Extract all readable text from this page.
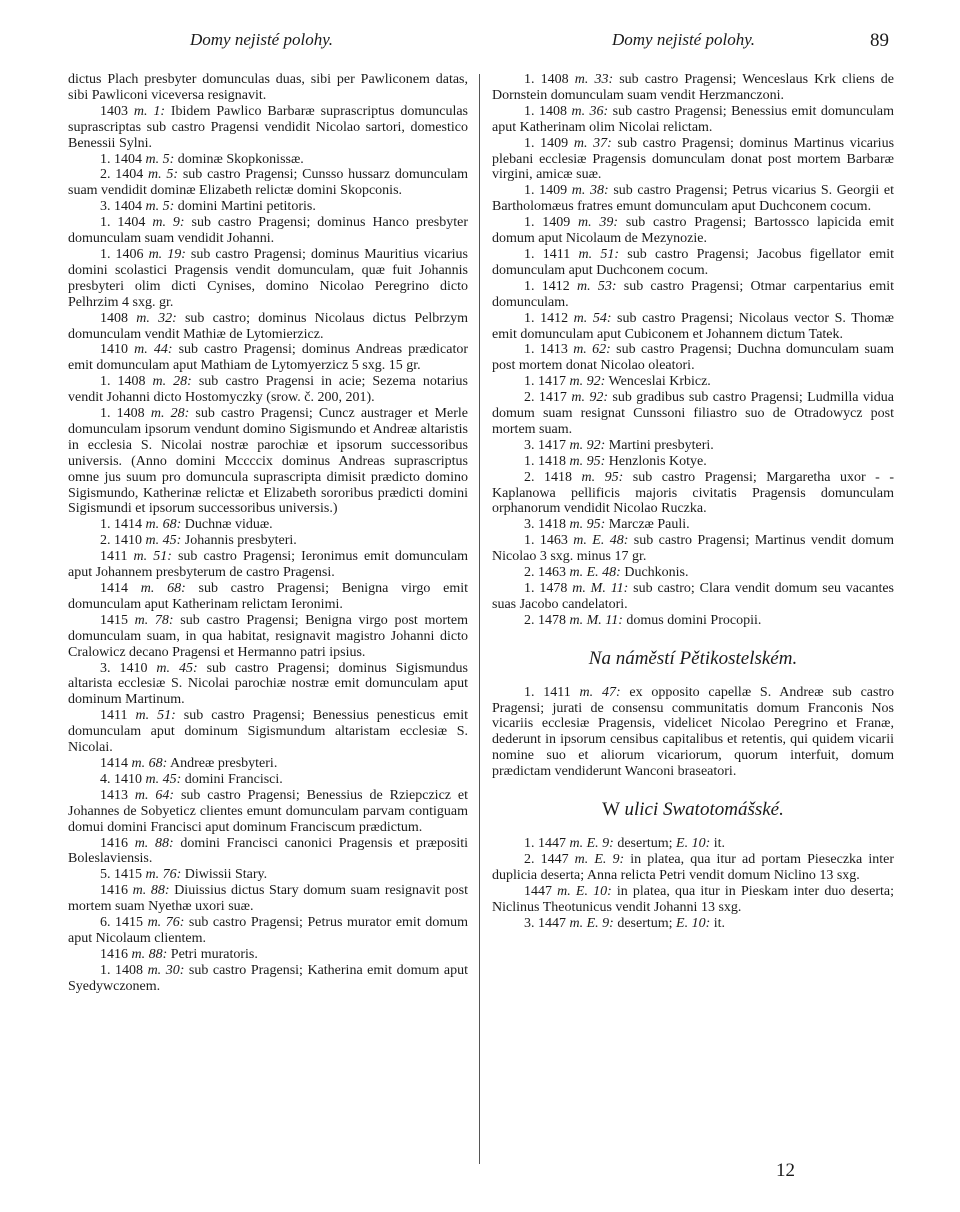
Domy nejisté polohy.	Domy nejisté polohy.	89

dictus Plach presbyter domunculas duas, sibi per Pawliconem datas, sibi Pawliconi viceversa resignavit.

1403 m. 1: Ibidem Pawlico Barbaræ suprascriptus domunculas suprascriptas sub castro Pragensi vendidit Nicolao sartori, domestico Benessii Sylni.

1. 1404 m. 5: dominæ Skopkonissæ.

2. 1404 m. 5: sub castro Pragensi; Cunsso hussarz domunculam suam vendidit dominæ Elizabeth relictæ domini Skopconis.

3. 1404 m. 5: domini Martini petitoris.

1. 1404 m. 9: sub castro Pragensi; dominus Hanco presbyter domunculam suam vendidit Johanni.

1. 1406 m. 19: sub castro Pragensi; dominus Mauritius vicarius domini scolastici Pragensis vendit domunculam, quæ fuit Johannis presbyteri olim dicti Cynises, domino Nicolao Peregrino dicto Pelhrzim 4 sxg. gr.

1408 m. 32: sub castro; dominus Nicolaus dictus Pelbrzym domunculam vendit Mathiæ de Lytomierzicz.

1410 m. 44: sub castro Pragensi; dominus Andreas prædicator emit domunculam aput Mathiam de Lytomyerzicz 5 sxg. 15 gr.

1. 1408 m. 28: sub castro Pragensi in acie; Sezema notarius vendit Johanni dicto Hostomyczky (srow. č. 200, 201).

1. 1408 m. 28: sub castro Pragensi; Cuncz austrager et Merle domunculam ipsorum vendunt domino Sigismundo et Andreæ altaristis in ecclesia S. Nicolai nostræ parochiæ et ipsorum successoribus universis. (Anno domini Mccccix dominus Andreas suprascriptus omne jus suum pro domuncula suprascripta dimisit prædicto domino Sigismundo, Katherinæ relictæ et Elizabeth sororibus prædicti domini Sigismundi et ipsorum successoribus universis.)

1. 1414 m. 68: Duchnæ viduæ.

2. 1410 m. 45: Johannis presbyteri.

1411 m. 51: sub castro Pragensi; Ieronimus emit domunculam aput Johannem presbyterum de castro Pragensi.

1414 m. 68: sub castro Pragensi; Benigna virgo emit domunculam aput Katherinam relictam Ieronimi.

1415 m. 78: sub castro Pragensi; Benigna virgo post mortem domunculam suam, in qua habitat, resignavit magistro Johanni dicto Cralowicz decano Pragensi et Hermanno patri ipsius.

3. 1410 m. 45: sub castro Pragensi; dominus Sigismundus altarista ecclesiæ S. Nicolai parochiæ nostræ emit domunculam aput dominum Martinum.

1411 m. 51: sub castro Pragensi; Benessius penesticus emit domunculam aput dominum Sigismundum altaristam ecclesiæ S. Nicolai.

1414 m. 68: Andreæ presbyteri.

4. 1410 m. 45: domini Francisci.

1413 m. 64: sub castro Pragensi; Benessius de Rziepczicz et Johannes de Sobyeticz clientes emunt domunculam parvam contiguam domui domini Francisci aput dominum Franciscum prædictum.

1416 m. 88: domini Francisci canonici Pragensis et præpositi Boleslaviensis.

5. 1415 m. 76: Diwissii Stary.

1416 m. 88: Diuissius dictus Stary domum suam resignavit post mortem suam Nyethæ uxori suæ.

6. 1415 m. 76: sub castro Pragensi; Petrus murator emit domum aput Nicolaum clientem.

1416 m. 88: Petri muratoris.

1. 1408 m. 30: sub castro Pragensi; Katherina emit domum aput Syedywczonem.

1. 1408 m. 33: sub castro Pragensi; Wenceslaus Krk cliens de Dornstein domunculam suam vendit Herzmanczoni.

1. 1408 m. 36: sub castro Pragensi; Benessius emit domunculam aput Katherinam olim Nicolai relictam.

1. 1409 m. 37: sub castro Pragensi; dominus Martinus vicarius plebani ecclesiæ Pragensis domunculam donat post mortem Barbaræ virgini, amicæ suæ.

1. 1409 m. 38: sub castro Pragensi; Petrus vicarius S. Georgii et Bartholomæus fratres emunt domunculam aput Duchconem cocum.

1. 1409 m. 39: sub castro Pragensi; Bartossco lapicida emit domum aput Nicolaum de Mezynozie.

1. 1411 m. 51: sub castro Pragensi; Jacobus figellator emit domunculam aput Duchconem cocum.

1. 1412 m. 53: sub castro Pragensi; Otmar carpentarius emit domunculam.

1. 1412 m. 54: sub castro Pragensi; Nicolaus vector S. Thomæ emit domunculam aput Cubiconem et Johannem dictum Tatek.

1. 1413 m. 62: sub castro Pragensi; Duchna domunculam suam post mortem donat Nicolao oleatori.

1. 1417 m. 92: Wenceslai Krbicz.

2. 1417 m. 92: sub gradibus sub castro Pragensi; Ludmilla vidua domum suam resignat Cunssoni filiastro suo de Otradowycz post mortem suam.

3. 1417 m. 92: Martini presbyteri.

1. 1418 m. 95: Henzlonis Kotye.

2. 1418 m. 95: sub castro Pragensi; Margaretha uxor - - Kaplanowa pellificis majoris civitatis Pragensis domunculam orphanorum vendidit Nicolao Ruczka.

3. 1418 m. 95: Marczæ Pauli.

1. 1463 m. E. 48: sub castro Pragensi; Martinus vendit domum Nicolao 3 sxg. minus 17 gr.

2. 1463 m. E. 48: Duchkonis.

1. 1478 m. M. 11: sub castro; Clara vendit domum seu vacantes suas Jacobo candelatori.

2. 1478 m. M. 11: domus domini Procopii.

Na náměstí Pětikostelském.

1. 1411 m. 47: ex opposito capellæ S. Andreæ sub castro Pragensi; jurati de consensu communitatis domum Franconis Nos vicariis ecclesiæ Pragensis, videlicet Nicolao Peregrino et Franæ, dederunt in ipsorum censibus capitalibus et retentis, qui quidem vicarii nomine suo et aliorum vicariorum, quorum interfuit, domum prædictam vendiderunt Wanconi braseatori.

W ulici Swatotomášské.

1. 1447 m. E. 9: desertum; E. 10: it.

2. 1447 m. E. 9: in platea, qua itur ad portam Pieseczka inter duplicia deserta; Anna relicta Petri vendit domum Niclino 13 sxg.

1447 m. E. 10: in platea, qua itur in Pieskam inter duo deserta; Niclinus Theotunicus vendit Johanni 13 sxg.

3. 1447 m. E. 9: desertum; E. 10: it.

12
